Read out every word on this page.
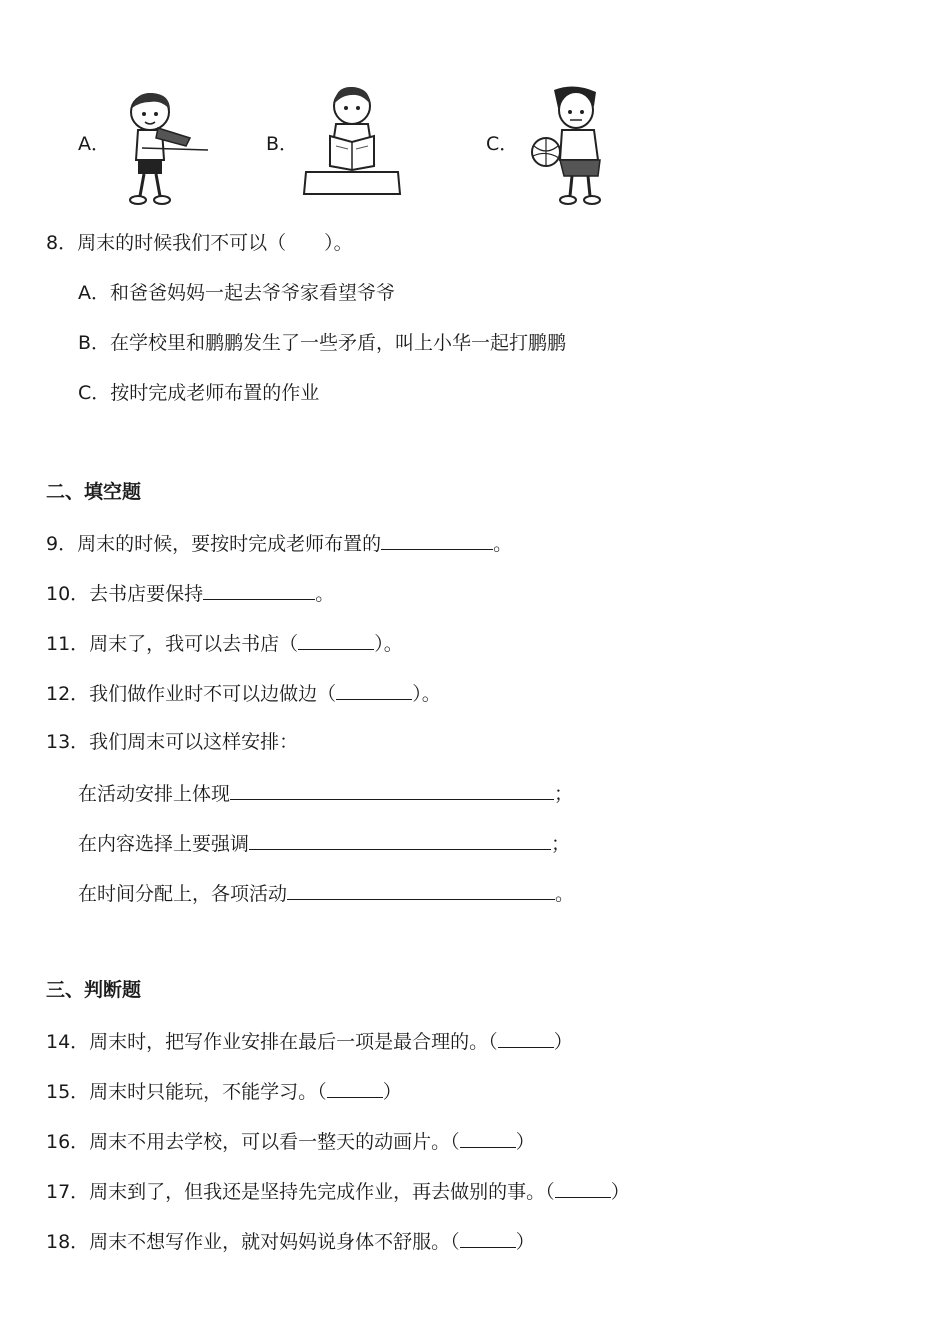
A．	B．	C．
8．周末的时候我们不可以（　　）。
A．和爸爸妈妈一起去爷爷家看望爷爷
B．在学校里和鹏鹏发生了一些矛盾，叫上小华一起打鹏鹏
C．按时完成老师布置的作业
二、填空题
9．周末的时候，要按时完成老师布置的	。
10．去书店要保持	。
11．周末了，我可以去书店（	）。
12．我们做作业时不可以边做边（	）。
13．我们周末可以这样安排：
在活动安排上体现	；
在内容选择上要强调	；
在时间分配上，各项活动	。
三、判断题
14．周末时，把写作业安排在最后一项是最合理的。（	）
15．周末时只能玩，不能学习。（	）
16．周末不用去学校，可以看一整天的动画片。（	）
17．周末到了，但我还是坚持先完成作业，再去做别的事。（	）
18．周末不想写作业，就对妈妈说身体不舒服。（	）
